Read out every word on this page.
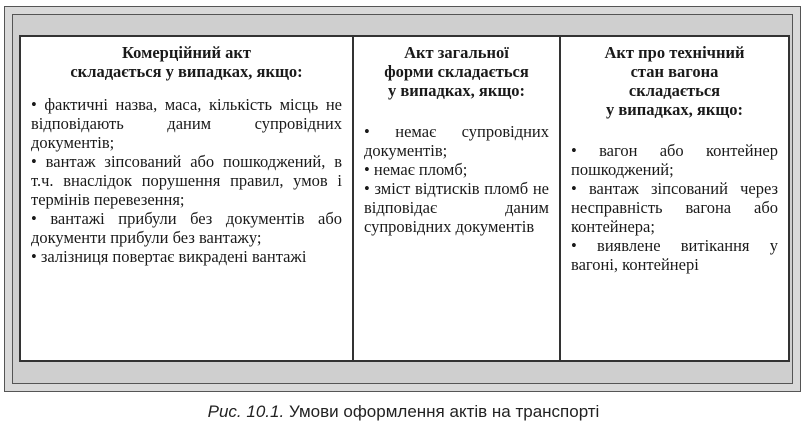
Комерційний акт
складається у випадках, якщо:
• фактичні назва, маса, кількість місць не відповідають даним супровідних документів;
• вантаж зіпсований або пошкоджений, в т.ч. внаслідок порушення правил, умов і термінів перевезення;
• вантажі прибули без документів або документи прибули без вантажу;
• залізниця повертає викрадені вантажі
Акт загальної
форми складається
у випадках, якщо:
• немає супровідних документів;
• немає пломб;
• зміст відтисків пломб не відповідає даним супровідних документів
Акт про технічний
стан вагона
складається
у випадках, якщо:
• вагон або контейнер пошкоджений;
• вантаж зіпсований через несправність вагона або контейнера;
• виявлене витікання у вагоні, контейнері
Рис. 10.1. Умови оформлення актів на транспорті
